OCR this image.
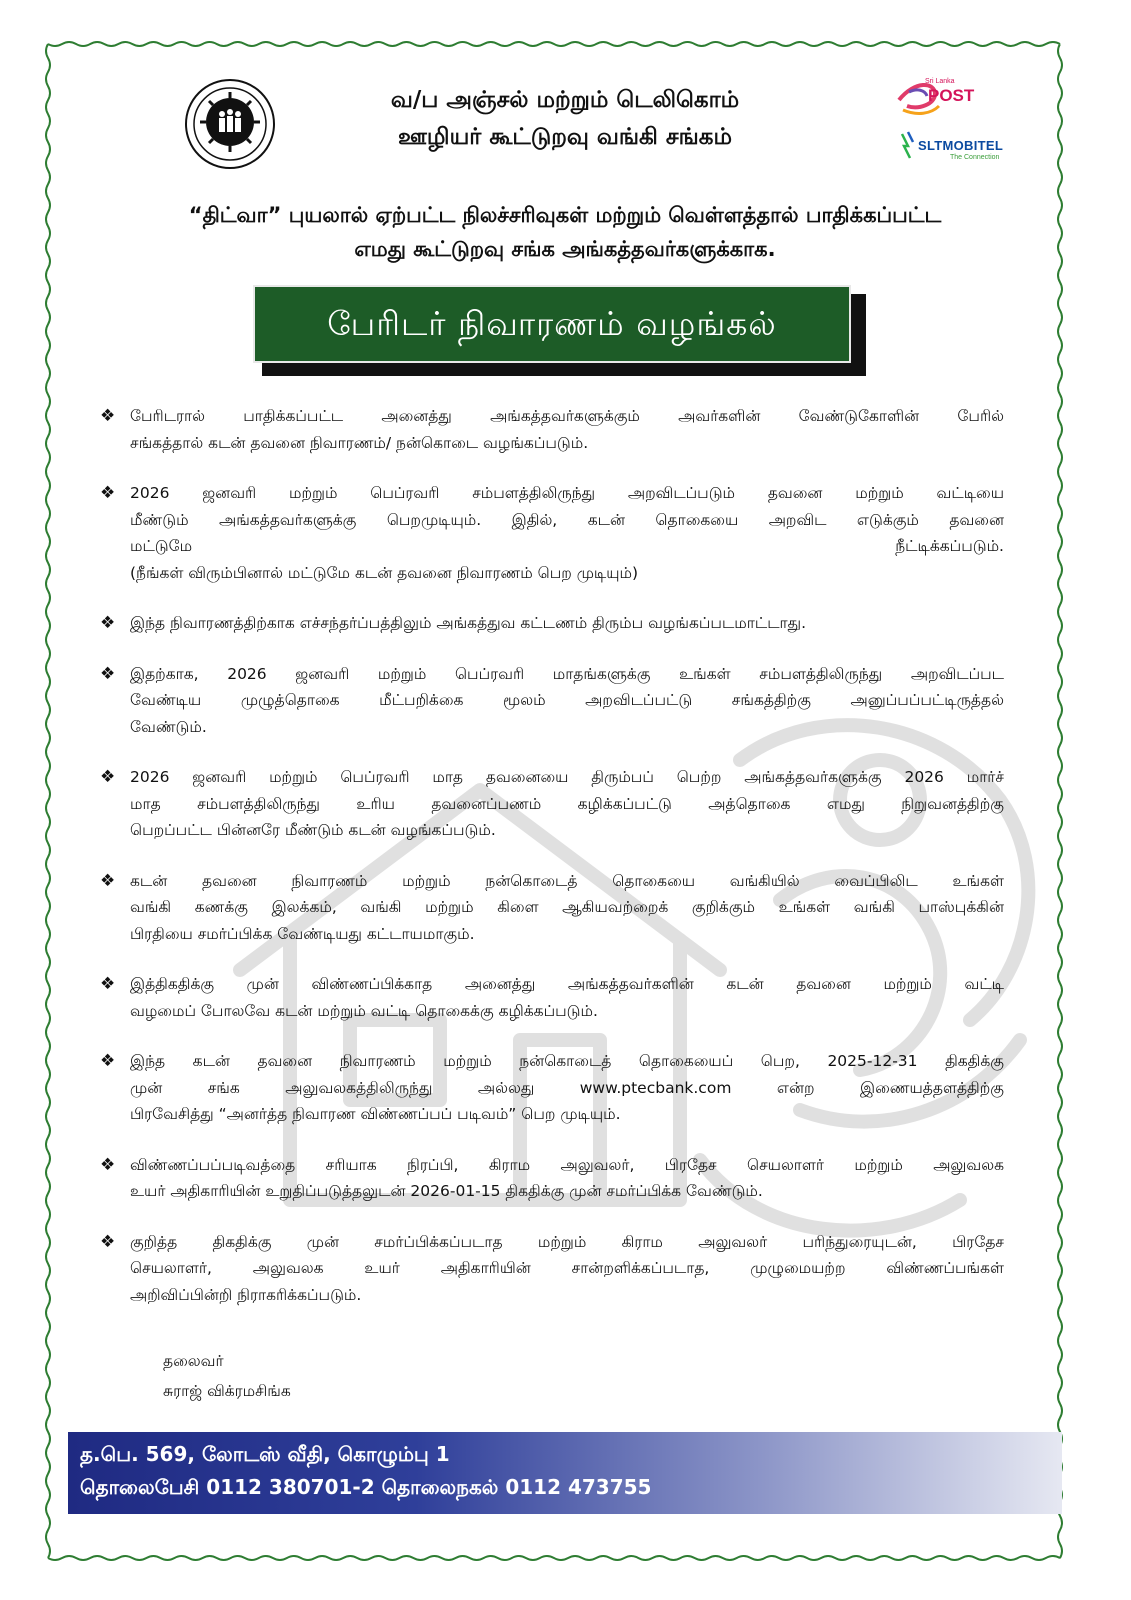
வ/ப அஞ்சல் மற்றும் டெலிகொம்
ஊழியர் கூட்டுறவு வங்கி சங்கம்
Sri Lanka
POST
SLTMOBITEL
The Connection
“திட்வா” புயலால் ஏற்பட்ட நிலச்சரிவுகள் மற்றும் வெள்ளத்தால் பாதிக்கப்பட்ட
எமது கூட்டுறவு சங்க அங்கத்தவர்களுக்காக.
பேரிடர் நிவாரணம் வழங்கல்
❖ பேரிடரால் பாதிக்கப்பட்ட அனைத்து அங்கத்தவர்களுக்கும் அவர்களின் வேண்டுகோளின் பேரில்
சங்கத்தால் கடன் தவனை நிவாரணம்/ நன்கொடை வழங்கப்படும்.
❖ 2026 ஜனவரி மற்றும் பெப்ரவரி சம்பளத்திலிருந்து அறவிடப்படும் தவனை மற்றும் வட்டியை
மீண்டும் அங்கத்தவர்களுக்கு பெறமுடியும். இதில், கடன் தொகையை அறவிட எடுக்கும் தவனை
மட்டுமே நீட்டிக்கப்படும்.
(நீங்கள் விரும்பினால் மட்டுமே கடன் தவனை நிவாரணம் பெற முடியும்)
❖ இந்த நிவாரணத்திற்காக எச்சந்தர்ப்பத்திலும் அங்கத்துவ கட்டணம் திரும்ப வழங்கப்படமாட்டாது.
❖ இதற்காக, 2026 ஜனவரி மற்றும் பெப்ரவரி மாதங்களுக்கு உங்கள் சம்பளத்திலிருந்து அறவிடப்பட
வேண்டிய முழுத்தொகை மீட்பறிக்கை மூலம் அறவிடப்பட்டு சங்கத்திற்கு அனுப்பப்பட்டிருத்தல்
வேண்டும்.
❖ 2026 ஜனவரி மற்றும் பெப்ரவரி மாத தவனையை திரும்பப் பெற்ற அங்கத்தவர்களுக்கு 2026 மார்ச்
மாத சம்பளத்திலிருந்து உரிய தவனைப்பணம் கழிக்கப்பட்டு அத்தொகை எமது நிறுவனத்திற்கு
பெறப்பட்ட பின்னரே மீண்டும் கடன் வழங்கப்படும்.
❖ கடன் தவனை நிவாரணம் மற்றும் நன்கொடைத் தொகையை வங்கியில் வைப்பிலிட உங்கள்
வங்கி கணக்கு இலக்கம், வங்கி மற்றும் கிளை ஆகியவற்றைக் குறிக்கும் உங்கள் வங்கி பாஸ்புக்கின்
பிரதியை சமர்ப்பிக்க வேண்டியது கட்டாயமாகும்.
❖ இத்திகதிக்கு முன் விண்ணப்பிக்காத அனைத்து அங்கத்தவர்களின் கடன் தவனை மற்றும் வட்டி
வழமைப் போலவே கடன் மற்றும் வட்டி தொகைக்கு கழிக்கப்படும்.
❖ இந்த கடன் தவனை நிவாரணம் மற்றும் நன்கொடைத் தொகையைப் பெற, 2025-12-31 திகதிக்கு
முன் சங்க அலுவலகத்திலிருந்து அல்லது www.ptecbank.com என்ற இணையத்தளத்திற்கு
பிரவேசித்து “அனர்த்த நிவாரண விண்ணப்பப் படிவம்” பெற முடியும்.
❖ விண்ணப்பப்படிவத்தை சரியாக நிரப்பி, கிராம அலுவலர், பிரதேச செயலாளர் மற்றும் அலுவலக
உயர் அதிகாரியின் உறுதிப்படுத்தலுடன் 2026-01-15 திகதிக்கு முன் சமர்ப்பிக்க வேண்டும்.
❖ குறித்த திகதிக்கு முன் சமர்ப்பிக்கப்படாத மற்றும் கிராம அலுவலர் பரிந்துரையுடன், பிரதேச
செயலாளர், அலுவலக உயர் அதிகாரியின் சான்றளிக்கப்படாத, முழுமையற்ற விண்ணப்பங்கள்
அறிவிப்பின்றி நிராகரிக்கப்படும்.
தலைவர்
சுராஜ் விக்ரமசிங்க
த.பெ. 569, லோடஸ் வீதி, கொழும்பு 1
தொலைபேசி 0112 380701-2 தொலைநகல் 0112 473755
